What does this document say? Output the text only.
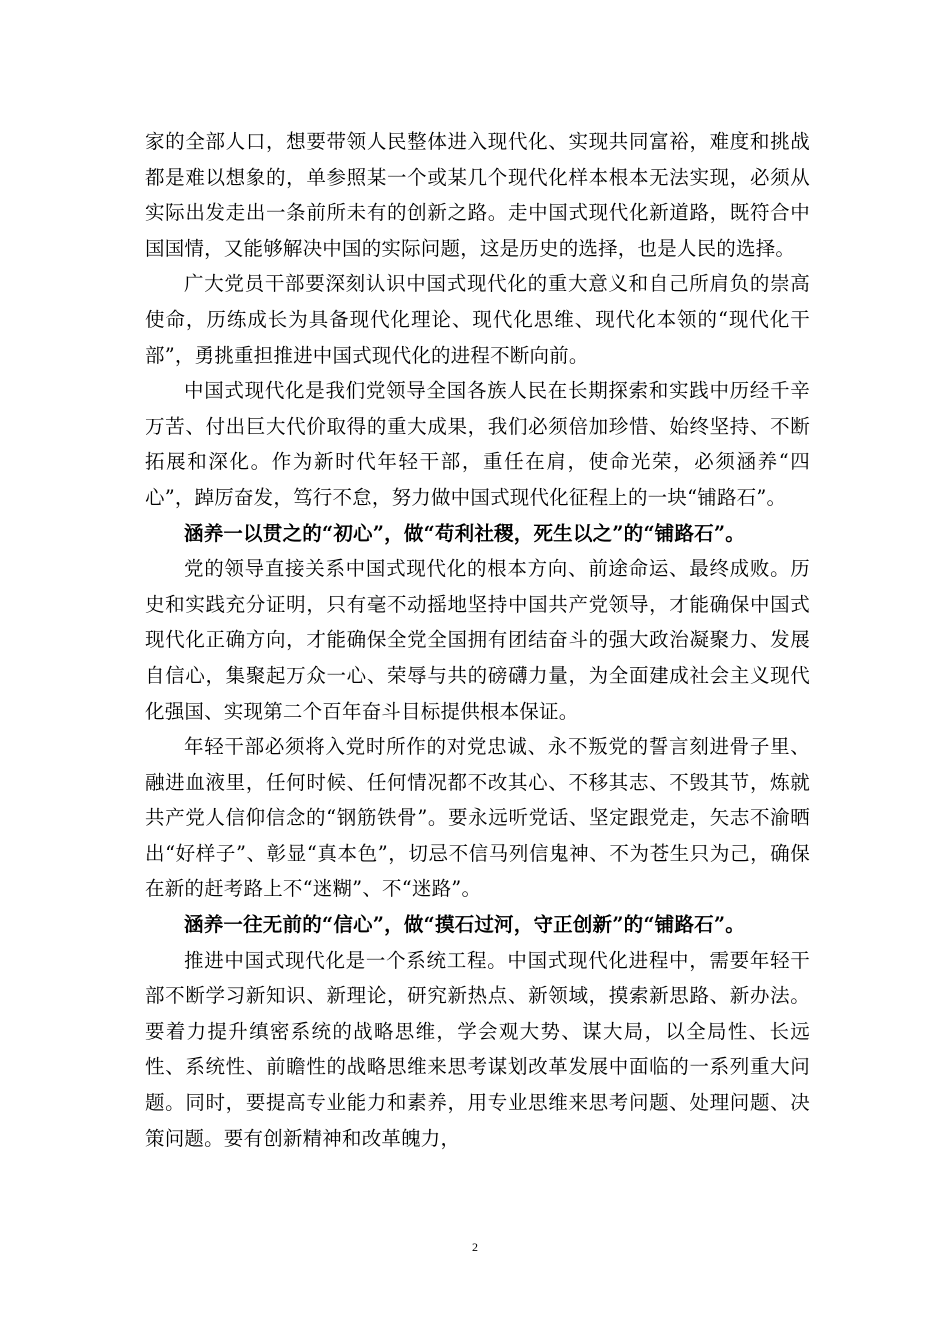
家的全部人口，想要带领人民整体进入现代化、实现共同富裕，难度和挑战都是难以想象的，单参照某一个或某几个现代化样本根本无法实现，必须从实际出发走出一条前所未有的创新之路。走中国式现代化新道路，既符合中国国情，又能够解决中国的实际问题，这是历史的选择，也是人民的选择。

广大党员干部要深刻认识中国式现代化的重大意义和自己所肩负的崇高使命，历练成长为具备现代化理论、现代化思维、现代化本领的“现代化干部”，勇挑重担推进中国式现代化的进程不断向前。

中国式现代化是我们党领导全国各族人民在长期探索和实践中历经千辛万苦、付出巨大代价取得的重大成果，我们必须倍加珍惜、始终坚持、不断拓展和深化。作为新时代年轻干部，重任在肩，使命光荣，必须涵养“四心”，踔厉奋发，笃行不怠，努力做中国式现代化征程上的一块“铺路石”。

涵养一以贯之的“初心”，做“苟利社稷，死生以之”的“铺路石”。

党的领导直接关系中国式现代化的根本方向、前途命运、最终成败。历史和实践充分证明，只有毫不动摇地坚持中国共产党领导，才能确保中国式现代化正确方向，才能确保全党全国拥有团结奋斗的强大政治凝聚力、发展自信心，集聚起万众一心、荣辱与共的磅礴力量，为全面建成社会主义现代化强国、实现第二个百年奋斗目标提供根本保证。

年轻干部必须将入党时所作的对党忠诚、永不叛党的誓言刻进骨子里、融进血液里，任何时候、任何情况都不改其心、不移其志、不毁其节，炼就共产党人信仰信念的“钢筋铁骨”。要永远听党话、坚定跟党走，矢志不渝晒出“好样子”、彰显“真本色”，切忌不信马列信鬼神、不为苍生只为己，确保在新的赶考路上不“迷糊”、不“迷路”。

涵养一往无前的“信心”，做“摸石过河，守正创新”的“铺路石”。

推进中国式现代化是一个系统工程。中国式现代化进程中，需要年轻干部不断学习新知识、新理论，研究新热点、新领域，摸索新思路、新办法。要着力提升缜密系统的战略思维，学会观大势、谋大局，以全局性、长远性、系统性、前瞻性的战略思维来思考谋划改革发展中面临的一系列重大问题。同时，要提高专业能力和素养，用专业思维来思考问题、处理问题、决策问题。要有创新精神和改革魄力，

2
